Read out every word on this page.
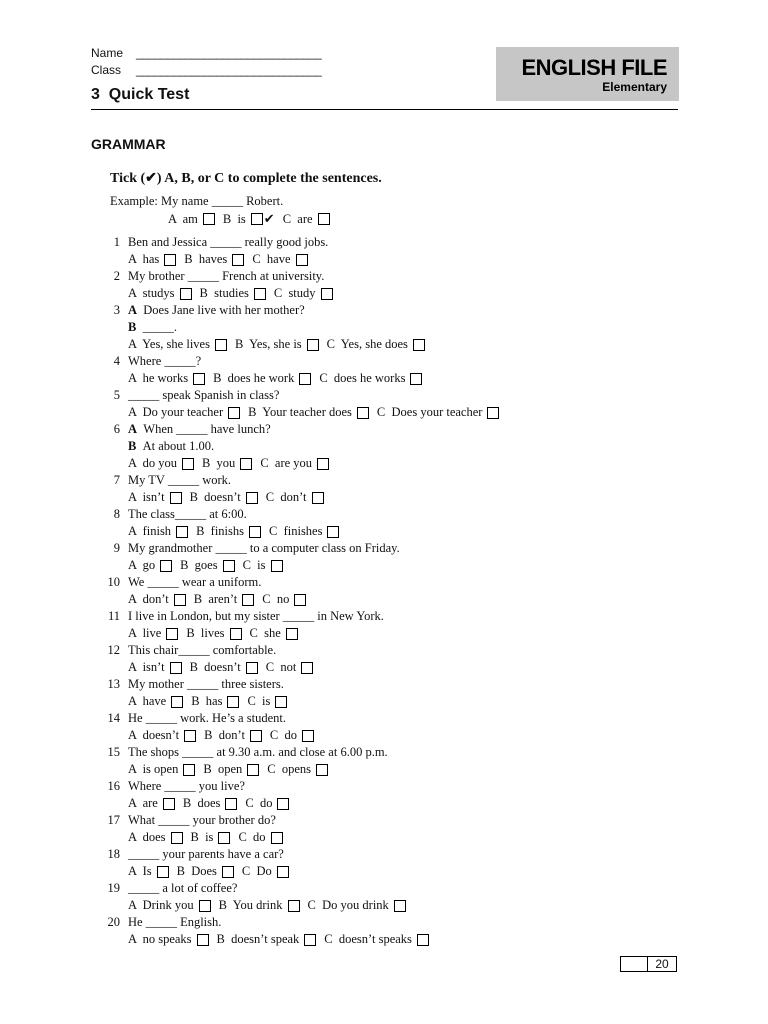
Name	______________________________
Class	______________________________	ENGLISH FILE
Elementary
3  Quick Test
GRAMMAR
Tick (✔) A, B, or C to complete the sentences.
Example: My name _____ Robert.
A  am B  is ✔ C  are
1 Ben and Jessica _____ really good jobs.
A  has B  haves C  have
2 My brother _____ French at university.
A  studys B  studies C  study
3 A Does Jane live with her mother?
B _____.
A  Yes, she lives B  Yes, she is C  Yes, she does
4 Where _____?
A  he works B  does he work C  does he works
5 _____ speak Spanish in class?
A  Do your teacher B  Your teacher does C  Does your teacher
6 A When _____ have lunch?
B At about 1.00.
A  do you B  you C  are you
7 My TV _____ work.
A  isn’t B  doesn’t C  don’t
8 The class_____ at 6:00.
A  finish B  finishs C  finishes
9 My grandmother _____ to a computer class on Friday.
A  go B  goes C  is
10 We _____ wear a uniform.
A  don’t B  aren’t C  no
11 I live in London, but my sister _____ in New York.
A  live B  lives C  she
12 This chair_____ comfortable.
A  isn’t B  doesn’t C  not
13 My mother _____ three sisters.
A  have B  has C  is
14 He _____ work. He’s a student.
A  doesn’t B  don’t C  do
15 The shops _____ at 9.30 a.m. and close at 6.00 p.m.
A  is open B  open C  opens
16 Where _____ you live?
A  are B  does C  do
17 What _____ your brother do?
A  does B  is C  do
18 _____ your parents have a car?
A  Is B  Does C  Do
19 _____ a lot of coffee?
A  Drink you B  You drink C  Do you drink
20 He _____ English.
A  no speaks B  doesn’t speak C  doesn’t speaks
20
